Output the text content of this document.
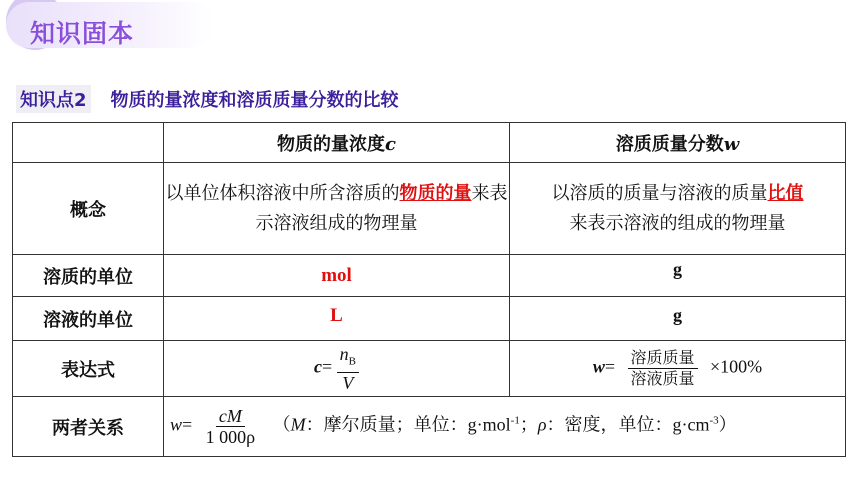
知识固本
知识点2 物质的量浓度和溶质质量分数的比较
	物质的量浓度c	溶质质量分数w
概念	以单位体积溶液中所含溶质的物质的量来表示溶液组成的物理量	以溶质的质量与溶液的质量比值
来表示溶液的组成的物理量
溶质的单位	mol	g
溶液的单位	L	g
表达式	$c= \frac{n_B}{V}$	$w= \frac{\text{溶质质量}}{\text{溶液质量}} \times 100\%$
两者关系	$w= \frac{cM}{1 000\rho} (M$：摩尔质量；单位：g·mol$^{-1}$；ρ：密度，单位：$g\cdot cm^{-3}$）	
